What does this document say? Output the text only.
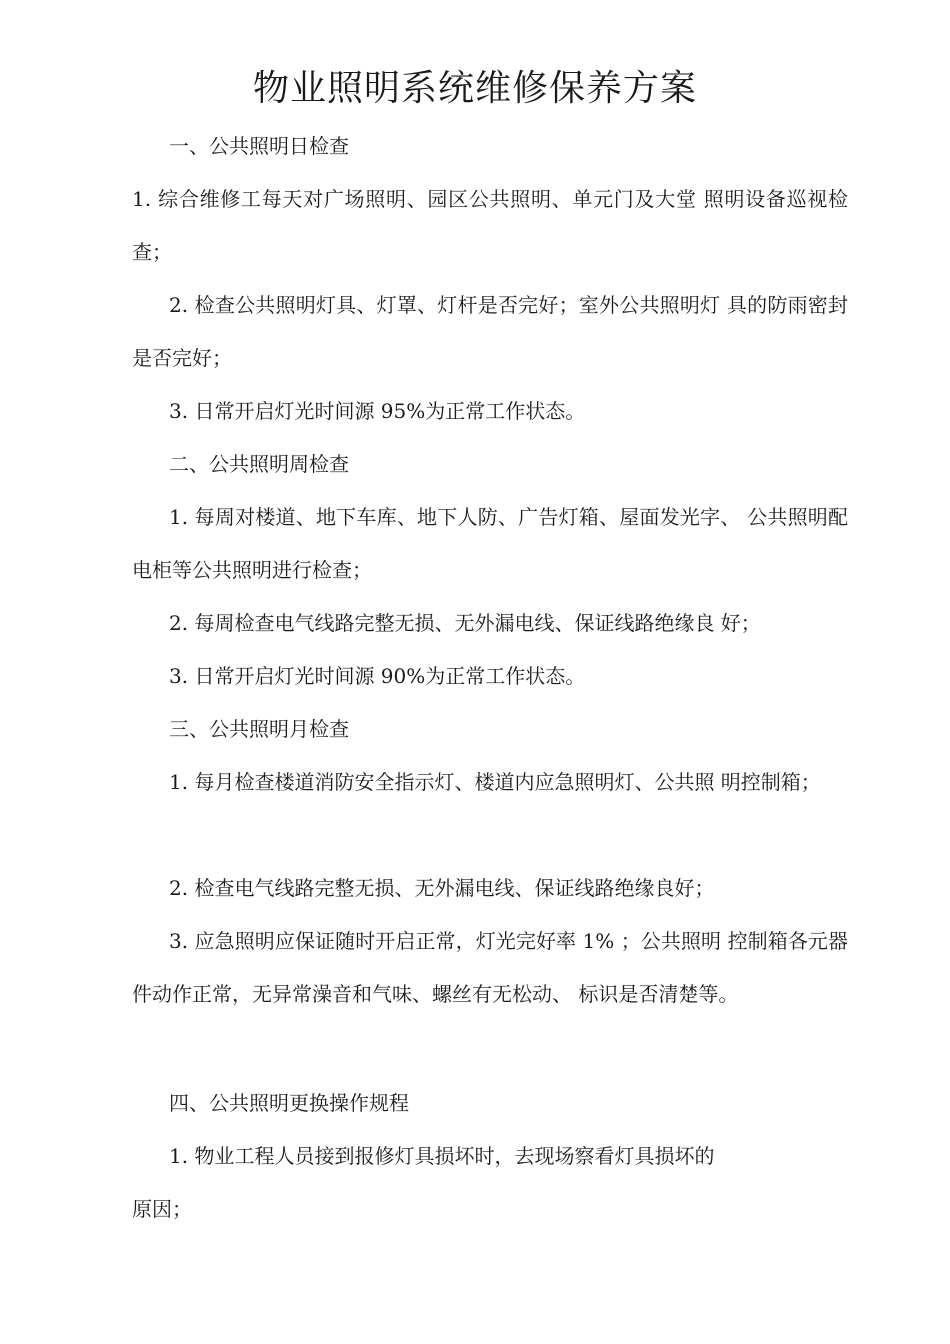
物业照明系统维修保养方案
一、公共照明日检查
1. 综合维修工每天对广场照明、园区公共照明、单元门及大堂 照明设备巡视检查；
2. 检查公共照明灯具、灯罩、灯杆是否完好；室外公共照明灯 具的防雨密封是否完好；
3. 日常开启灯光时间源 95%为正常工作状态。
二、公共照明周检查
1. 每周对楼道、地下车库、地下人防、广告灯箱、屋面发光字、 公共照明配电柜等公共照明进行检查；
2. 每周检查电气线路完整无损、无外漏电线、保证线路绝缘良 好；
3. 日常开启灯光时间源 90%为正常工作状态。
三、公共照明月检查
1. 每月检查楼道消防安全指示灯、楼道内应急照明灯、公共照 明控制箱；
2. 检查电气线路完整无损、无外漏电线、保证线路绝缘良好；
3. 应急照明应保证随时开启正常，灯光完好率 1% ；公共照明 控制箱各元器件动作正常，无异常澡音和气味、螺丝有无松动、 标识是否清楚等。
四、公共照明更换操作规程
1. 物业工程人员接到报修灯具损坏时，去现场察看灯具损坏的
原因；
